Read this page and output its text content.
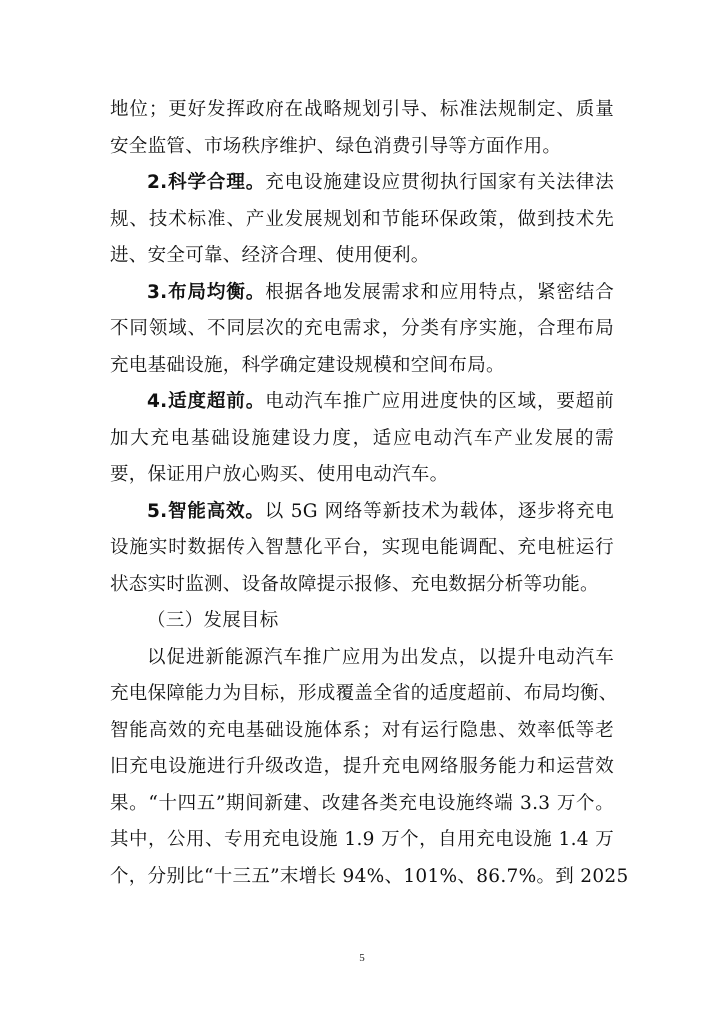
地位；更好发挥政府在战略规划引导、标准法规制定、质量
安全监管、市场秩序维护、绿色消费引导等方面作用。
2.科学合理。充电设施建设应贯彻执行国家有关法律法
规、技术标准、产业发展规划和节能环保政策，做到技术先
进、安全可靠、经济合理、使用便利。
3.布局均衡。根据各地发展需求和应用特点，紧密结合
不同领域、不同层次的充电需求，分类有序实施，合理布局
充电基础设施，科学确定建设规模和空间布局。
4.适度超前。电动汽车推广应用进度快的区域，要超前
加大充电基础设施建设力度，适应电动汽车产业发展的需
要，保证用户放心购买、使用电动汽车。
5.智能高效。以 5G 网络等新技术为载体，逐步将充电
设施实时数据传入智慧化平台，实现电能调配、充电桩运行
状态实时监测、设备故障提示报修、充电数据分析等功能。
（三）发展目标
以促进新能源汽车推广应用为出发点，以提升电动汽车
充电保障能力为目标，形成覆盖全省的适度超前、布局均衡、
智能高效的充电基础设施体系；对有运行隐患、效率低等老
旧充电设施进行升级改造，提升充电网络服务能力和运营效
果。“十四五”期间新建、改建各类充电设施终端 3.3 万个。
其中，公用、专用充电设施 1.9 万个，自用充电设施 1.4 万
个，分别比“十三五”末增长 94%、101%、86.7%。到 2025
5
